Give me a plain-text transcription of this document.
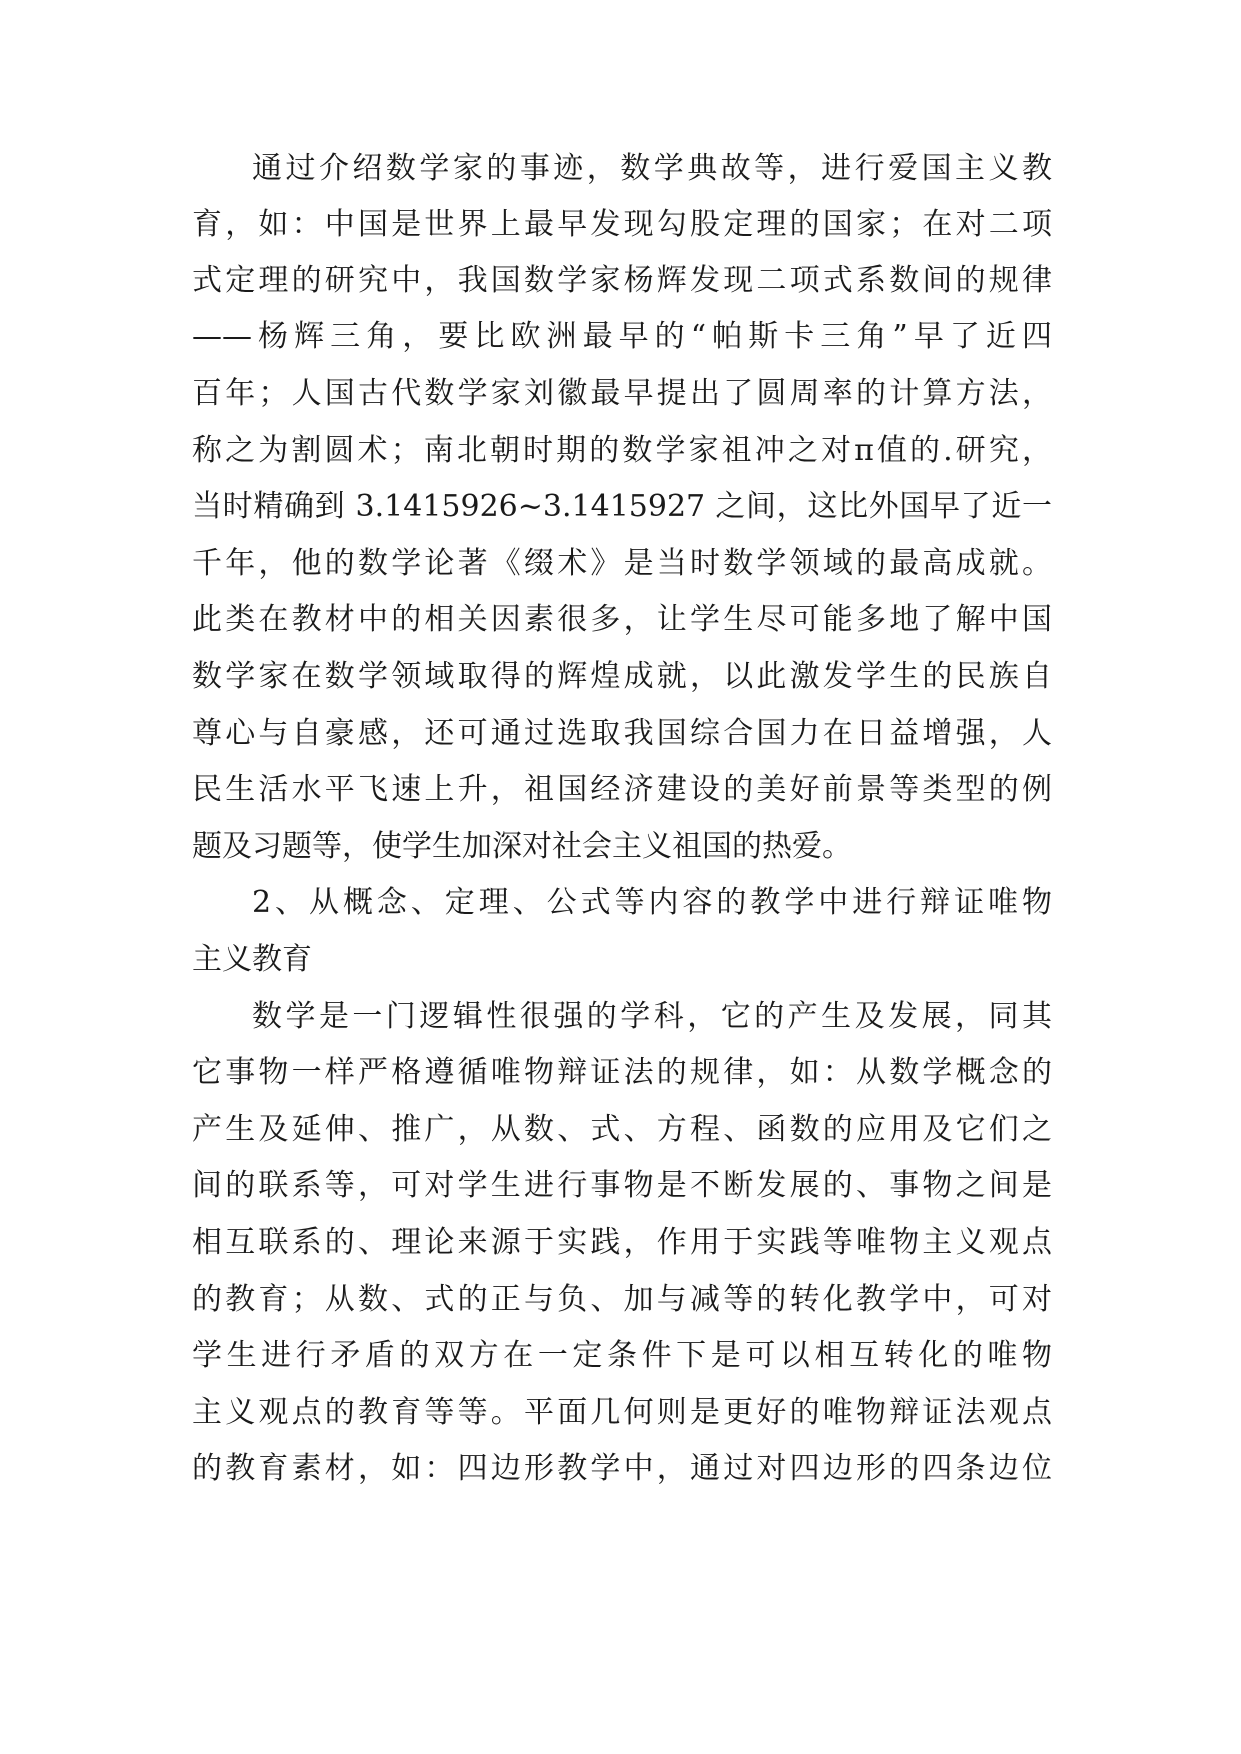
通过介绍数学家的事迹，数学典故等，进行爱国主义教
育，如：中国是世界上最早发现勾股定理的国家；在对二项
式定理的研究中，我国数学家杨辉发现二项式系数间的规律
——杨辉三角，要比欧洲最早的“帕斯卡三角”早了近四
百年；人国古代数学家刘徽最早提出了圆周率的计算方法，
称之为割圆术；南北朝时期的数学家祖冲之对π值的.研究，
当时精确到 3.1415926~3.1415927 之间，这比外国早了近一
千年，他的数学论著《缀术》是当时数学领域的最高成就。
此类在教材中的相关因素很多，让学生尽可能多地了解中国
数学家在数学领域取得的辉煌成就，以此激发学生的民族自
尊心与自豪感，还可通过选取我国综合国力在日益增强，人
民生活水平飞速上升，祖国经济建设的美好前景等类型的例
题及习题等，使学生加深对社会主义祖国的热爱。
2、从概念、定理、公式等内容的教学中进行辩证唯物
主义教育
数学是一门逻辑性很强的学科，它的产生及发展，同其
它事物一样严格遵循唯物辩证法的规律，如：从数学概念的
产生及延伸、推广，从数、式、方程、函数的应用及它们之
间的联系等，可对学生进行事物是不断发展的、事物之间是
相互联系的、理论来源于实践，作用于实践等唯物主义观点
的教育；从数、式的正与负、加与减等的转化教学中，可对
学生进行矛盾的双方在一定条件下是可以相互转化的唯物
主义观点的教育等等。平面几何则是更好的唯物辩证法观点
的教育素材，如：四边形教学中，通过对四边形的四条边位
